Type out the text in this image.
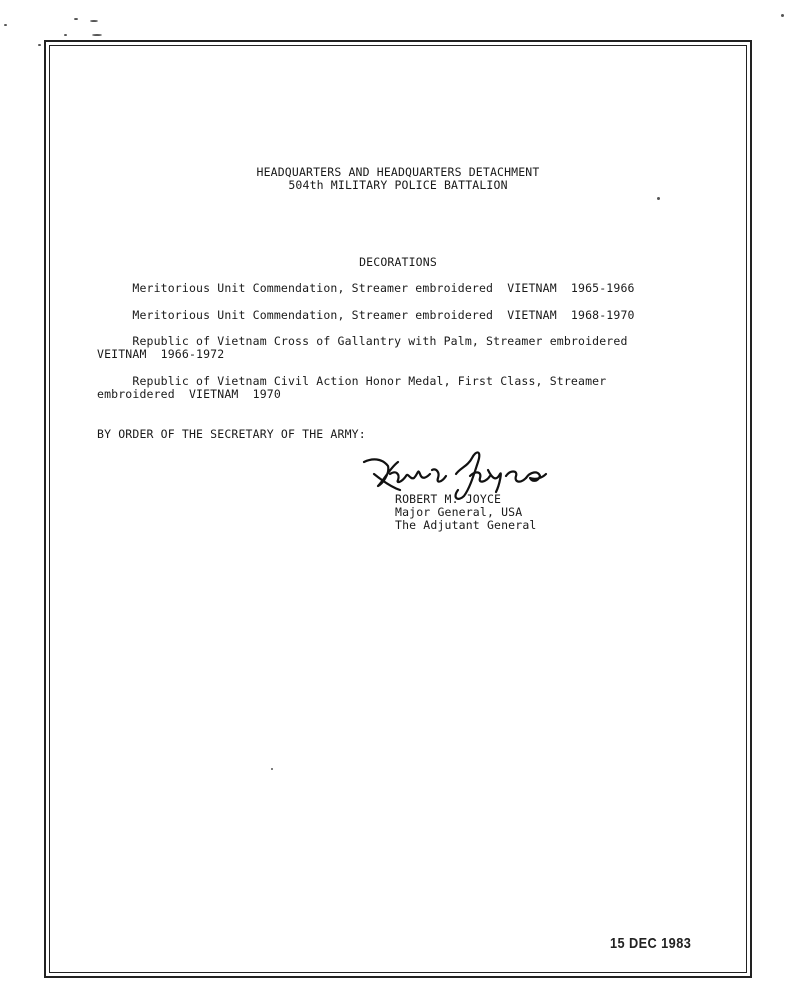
HEADQUARTERS AND HEADQUARTERS DETACHMENT
504th MILITARY POLICE BATTALION
DECORATIONS
Meritorious Unit Commendation, Streamer embroidered  VIETNAM  1965-1966
Meritorious Unit Commendation, Streamer embroidered  VIETNAM  1968-1970
Republic of Vietnam Cross of Gallantry with Palm, Streamer embroidered
VEITNAM  1966-1972
Republic of Vietnam Civil Action Honor Medal, First Class, Streamer
embroidered  VIETNAM  1970
BY ORDER OF THE SECRETARY OF THE ARMY:
ROBERT M. JOYCE
Major General, USA
The Adjutant General
15 DEC 1983
